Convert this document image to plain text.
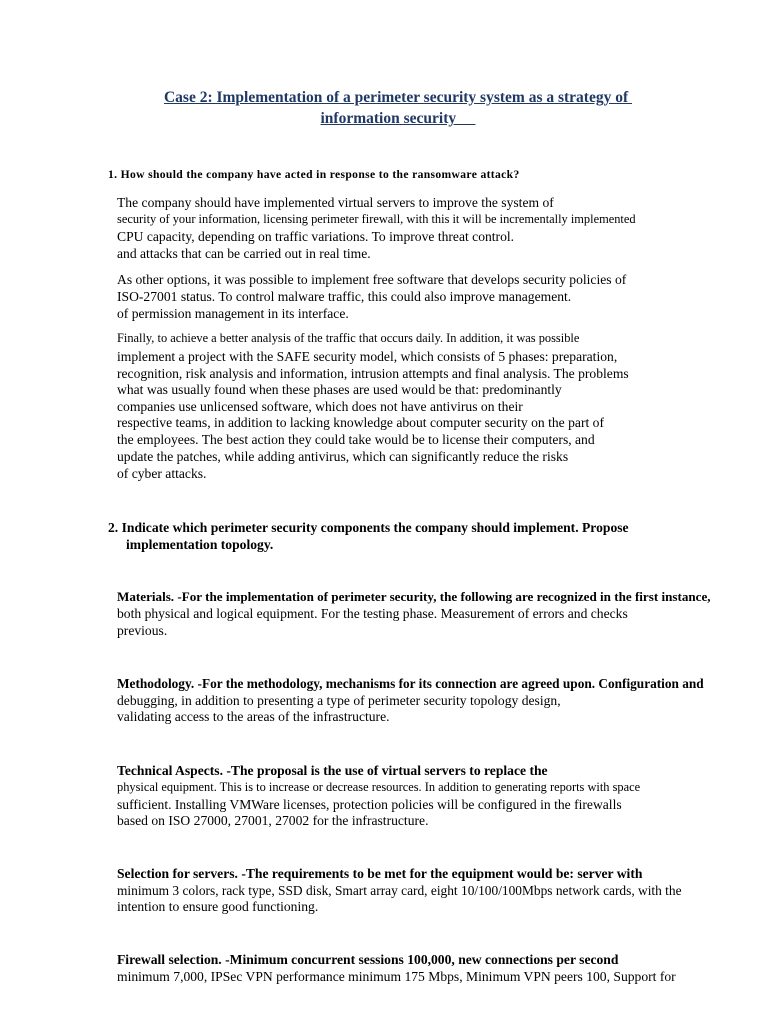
Case 2: Implementation of a perimeter security system as a strategy of
information security
1. How should the company have acted in response to the ransomware attack?
The company should have implemented virtual servers to improve the system of
security of your information, licensing perimeter firewall, with this it will be incrementally implemented
CPU capacity, depending on traffic variations. To improve threat control.
and attacks that can be carried out in real time.
As other options, it was possible to implement free software that develops security policies of
ISO-27001 status. To control malware traffic, this could also improve management.
of permission management in its interface.
Finally, to achieve a better analysis of the traffic that occurs daily. In addition, it was possible
implement a project with the SAFE security model, which consists of 5 phases: preparation,
recognition, risk analysis and information, intrusion attempts and final analysis. The problems
what was usually found when these phases are used would be that: predominantly
companies use unlicensed software, which does not have antivirus on their
respective teams, in addition to lacking knowledge about computer security on the part of
the employees. The best action they could take would be to license their computers, and
update the patches, while adding antivirus, which can significantly reduce the risks
of cyber attacks.
2. Indicate which perimeter security components the company should implement. Propose
implementation topology.
Materials. -For the implementation of perimeter security, the following are recognized in the first instance,
both physical and logical equipment. For the testing phase. Measurement of errors and checks
previous.
Methodology. -For the methodology, mechanisms for its connection are agreed upon. Configuration and
debugging, in addition to presenting a type of perimeter security topology design,
validating access to the areas of the infrastructure.
Technical Aspects. -The proposal is the use of virtual servers to replace the
physical equipment. This is to increase or decrease resources. In addition to generating reports with space
sufficient. Installing VMWare licenses, protection policies will be configured in the firewalls
based on ISO 27000, 27001, 27002 for the infrastructure.
Selection for servers. -The requirements to be met for the equipment would be: server with
minimum 3 colors, rack type, SSD disk, Smart array card, eight 10/100/100Mbps network cards, with the
intention to ensure good functioning.
Firewall selection. -Minimum concurrent sessions 100,000, new connections per second
minimum 7,000, IPSec VPN performance minimum 175 Mbps, Minimum VPN peers 100, Support for
